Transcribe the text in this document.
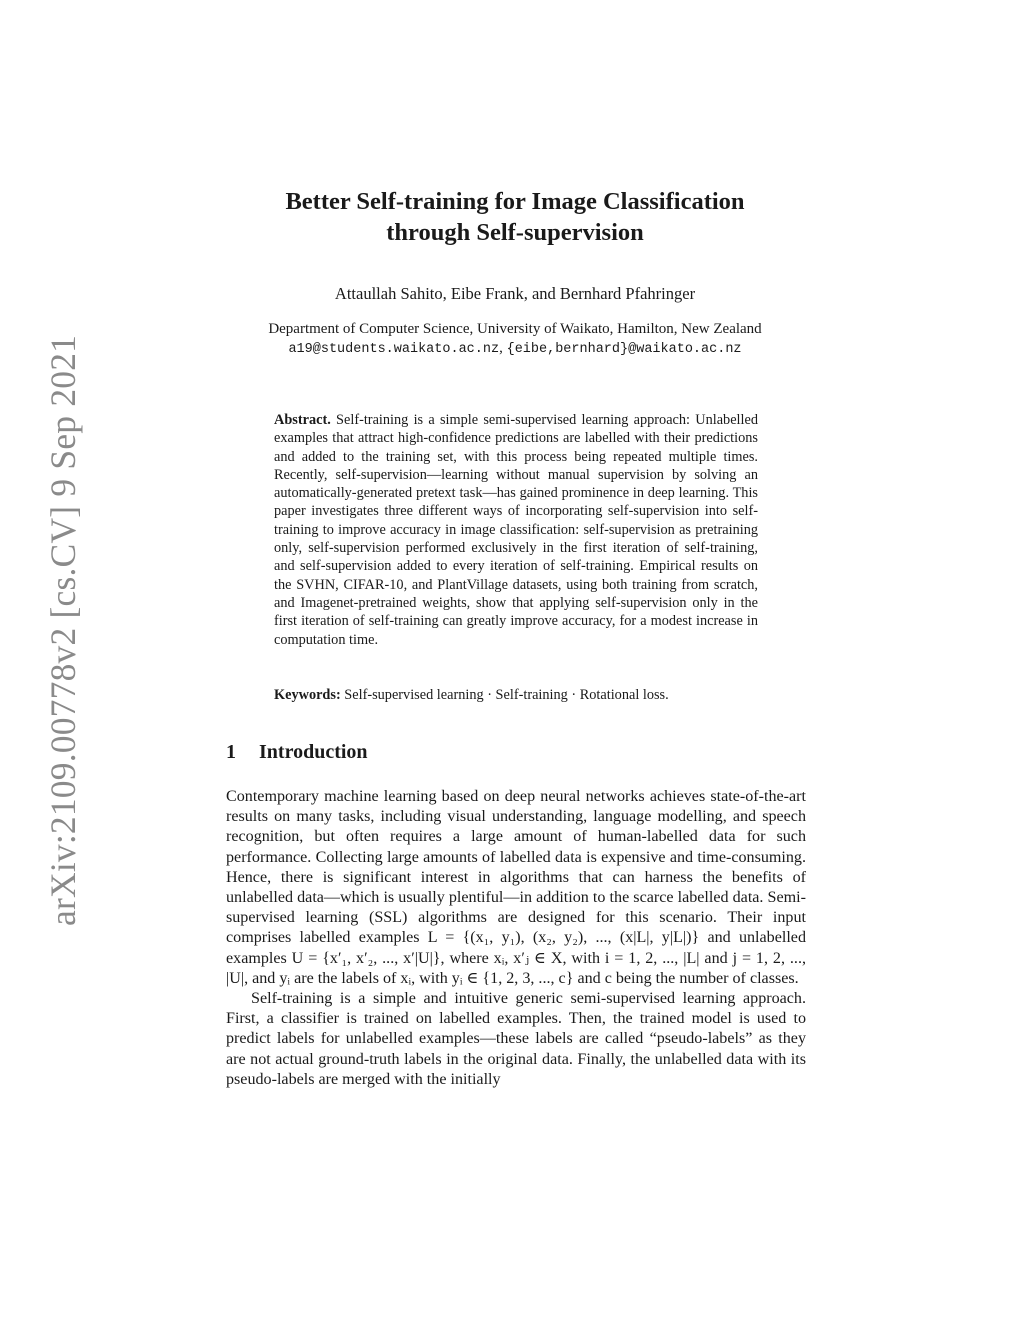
arXiv:2109.00778v2 [cs.CV] 9 Sep 2021
Better Self-training for Image Classification
through Self-supervision
Attaullah Sahito, Eibe Frank, and Bernhard Pfahringer
Department of Computer Science, University of Waikato, Hamilton, New Zealand
a19@students.waikato.ac.nz, {eibe,bernhard}@waikato.ac.nz
Abstract. Self-training is a simple semi-supervised learning approach: Unlabelled examples that attract high-confidence predictions are labelled with their predictions and added to the training set, with this process being repeated multiple times. Recently, self-supervision—learning without manual supervision by solving an automatically-generated pretext task—has gained prominence in deep learning. This paper investigates three different ways of incorporating self-supervision into self-training to improve accuracy in image classification: self-supervision as pretraining only, self-supervision performed exclusively in the first iteration of self-training, and self-supervision added to every iteration of self-training. Empirical results on the SVHN, CIFAR-10, and PlantVillage datasets, using both training from scratch, and Imagenet-pretrained weights, show that applying self-supervision only in the first iteration of self-training can greatly improve accuracy, for a modest increase in computation time.
Keywords: Self-supervised learning · Self-training · Rotational loss.
1 Introduction

Contemporary machine learning based on deep neural networks achieves state-of-the-art results on many tasks, including visual understanding, language modelling, and speech recognition, but often requires a large amount of human-labelled data for such performance. Collecting large amounts of labelled data is expensive and time-consuming. Hence, there is significant interest in algorithms that can harness the benefits of unlabelled data—which is usually plentiful—in addition to the scarce labelled data. Semi-supervised learning (SSL) algorithms are designed for this scenario. Their input comprises labelled examples L = {(x₁, y₁), (x₂, y₂), ..., (x|L|, y|L|)} and unlabelled examples U = {x′₁, x′₂, ..., x′|U|}, where xᵢ, x′ⱼ ∈ X, with i = 1, 2, ..., |L| and j = 1, 2, ..., |U|, and yᵢ are the labels of xᵢ, with yᵢ ∈ {1, 2, 3, ..., c} and c being the number of classes.

Self-training is a simple and intuitive generic semi-supervised learning approach. First, a classifier is trained on labelled examples. Then, the trained model is used to predict labels for unlabelled examples—these labels are called “pseudo-labels” as they are not actual ground-truth labels in the original data. Finally, the unlabelled data with its pseudo-labels are merged with the initially
